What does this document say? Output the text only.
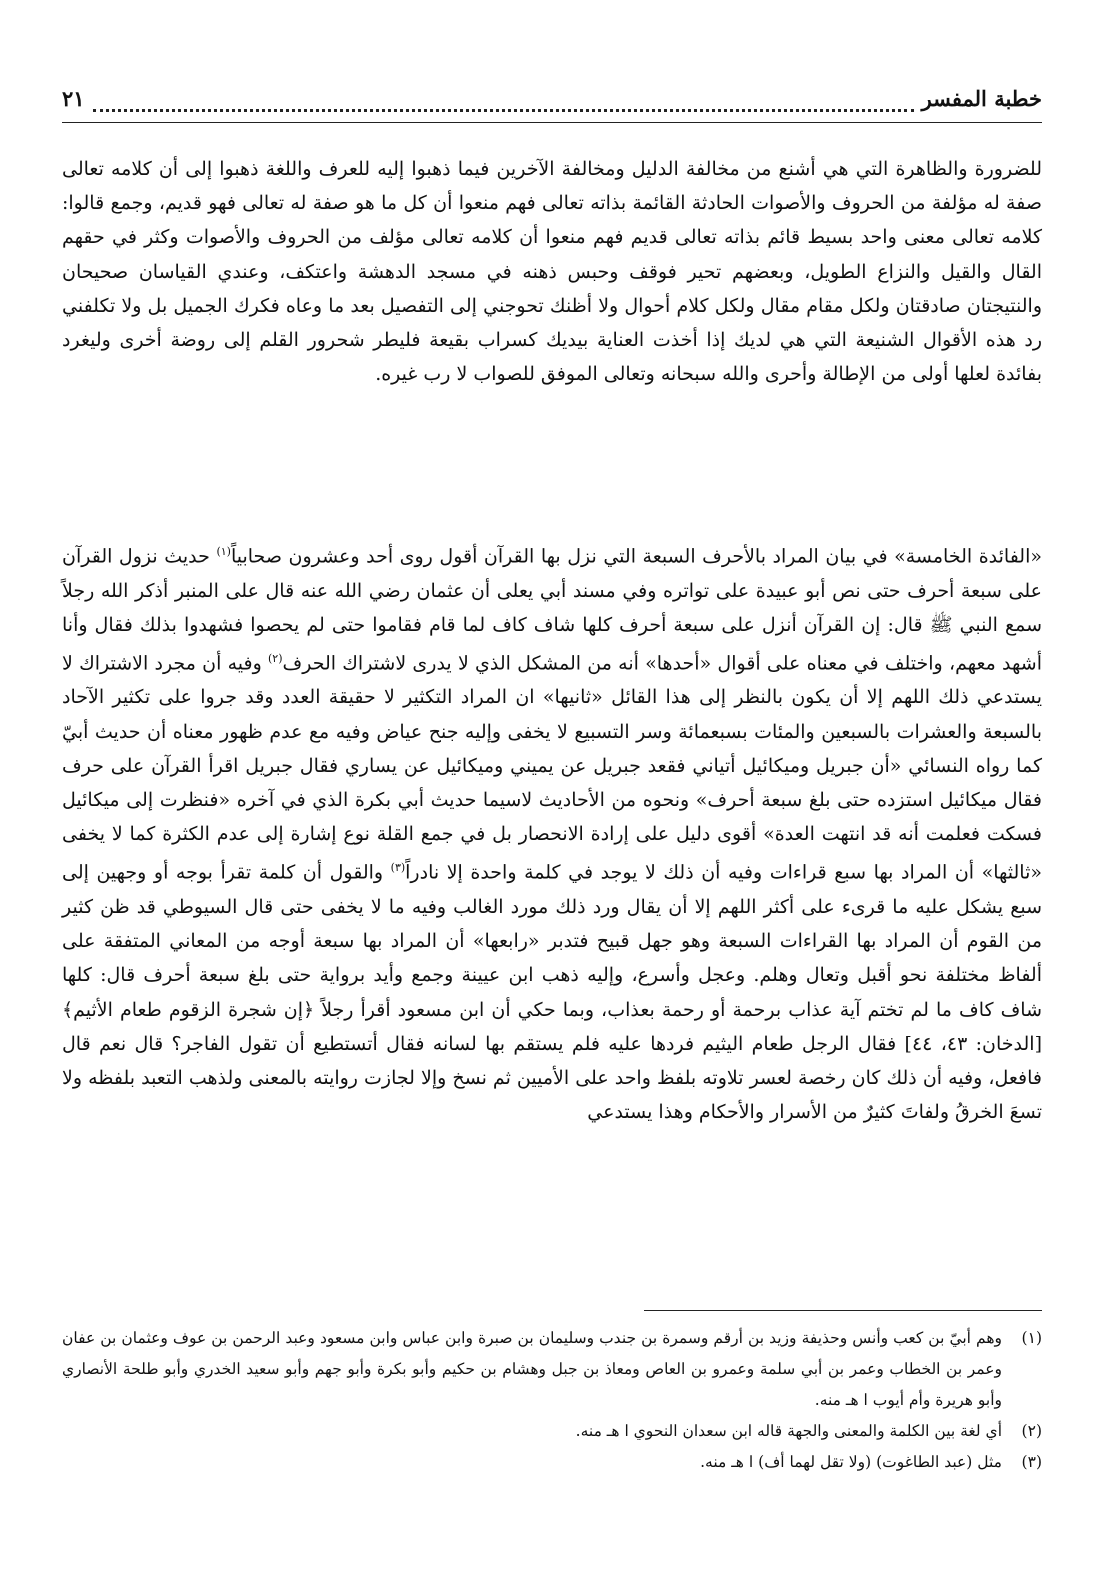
خطبة المفسر
٢١

للضرورة والظاهرة التي هي أشنع من مخالفة الدليل ومخالفة الآخرين فيما ذهبوا إليه للعرف واللغة ذهبوا إلى أن كلامه تعالى صفة له مؤلفة من الحروف والأصوات الحادثة القائمة بذاته تعالى فهم منعوا أن كل ما هو صفة له تعالى فهو قديم، وجمع قالوا: كلامه تعالى معنى واحد بسيط قائم بذاته تعالى قديم فهم منعوا أن كلامه تعالى مؤلف من الحروف والأصوات وكثر في حقهم القال والقيل والنزاع الطويل، وبعضهم تحير فوقف وحبس ذهنه في مسجد الدهشة واعتكف، وعندي القياسان صحيحان والنتيجتان صادقتان ولكل مقام مقال ولكل كلام أحوال ولا أظنك تحوجني إلى التفصيل بعد ما وعاه فكرك الجميل بل ولا تكلفني رد هذه الأقوال الشنيعة التي هي لديك إذا أخذت العناية بيديك كسراب بقيعة فليطر شحرور القلم إلى روضة أخرى وليغرد بفائدة لعلها أولى من الإطالة وأحرى والله سبحانه وتعالى الموفق للصواب لا رب غيره.

«الفائدة الخامسة» في بيان المراد بالأحرف السبعة التي نزل بها القرآن أقول روى أحد وعشرون صحابياً$^{(١)}$ حديث نزول القرآن على سبعة أحرف حتى نص أبو عبيدة على تواتره وفي مسند أبي يعلى أن عثمان رضي الله عنه قال على المنبر أذكر الله رجلاً سمع النبي ﷺ قال: إن القرآن أنزل على سبعة أحرف كلها شاف كاف لما قام فقاموا حتى لم يحصوا فشهدوا بذلك فقال وأنا أشهد معهم، واختلف في معناه على أقوال «أحدها» أنه من المشكل الذي لا يدرى لاشتراك الحرف$^{(٢)}$ وفيه أن مجرد الاشتراك لا يستدعي ذلك اللهم إلا أن يكون بالنظر إلى هذا القائل «ثانيها» ان المراد التكثير لا حقيقة العدد وقد جروا على تكثير الآحاد بالسبعة والعشرات بالسبعين والمئات بسبعمائة وسر التسبيع لا يخفى وإليه جنح عياض وفيه مع عدم ظهور معناه أن حديث أبيّ كما رواه النسائي «أن جبريل وميكائيل أتياني فقعد جبريل عن يميني وميكائيل عن يساري فقال جبريل اقرأ القرآن على حرف فقال ميكائيل استزده حتى بلغ سبعة أحرف» ونحوه من الأحاديث لاسيما حديث أبي بكرة الذي في آخره «فنظرت إلى ميكائيل فسكت فعلمت أنه قد انتهت العدة» أقوى دليل على إرادة الانحصار بل في جمع القلة نوع إشارة إلى عدم الكثرة كما لا يخفى «ثالثها» أن المراد بها سبع قراءات وفيه أن ذلك لا يوجد في كلمة واحدة إلا نادراً$^{(٣)}$ والقول أن كلمة تقرأ بوجه أو وجهين إلى سبع يشكل عليه ما قرىء على أكثر اللهم إلا أن يقال ورد ذلك مورد الغالب وفيه ما لا يخفى حتى قال السيوطي قد ظن كثير من القوم أن المراد بها القراءات السبعة وهو جهل قبيح فتدبر «رابعها» أن المراد بها سبعة أوجه من المعاني المتفقة على ألفاظ مختلفة نحو أقبل وتعال وهلم. وعجل وأسرع، وإليه ذهب ابن عيينة وجمع وأيد برواية حتى بلغ سبعة أحرف قال: كلها شاف كاف ما لم تختم آية عذاب برحمة أو رحمة بعذاب، وبما حكي أن ابن مسعود أقرأ رجلاً ﴿إن شجرة الزقوم طعام الأثيم﴾ [الدخان: ٤٣، ٤٤] فقال الرجل طعام اليثيم فردها عليه فلم يستقم بها لسانه فقال أتستطيع أن تقول الفاجر؟ قال نعم قال فافعل، وفيه أن ذلك كان رخصة لعسر تلاوته بلفظ واحد على الأميين ثم نسخ وإلا لجازت روايته بالمعنى ولذهب التعبد بلفظه ولا تسعَ الخرقُ ولفاتَ كثيرٌ من الأسرار والأحكام وهذا يستدعي

(١)
وهم أبيّ بن كعب وأنس وحذيفة وزيد بن أرقم وسمرة بن جندب وسليمان بن صبرة وابن عباس وابن مسعود وعبد الرحمن بن عوف وعثمان بن عفان وعمر بن الخطاب وعمر بن أبي سلمة وعمرو بن العاص ومعاذ بن جبل وهشام بن حكيم وأبو بكرة وأبو جهم وأبو سعيد الخدري وأبو طلحة الأنصاري وأبو هريرة وأم أيوب ا هـ منه.
(٢)
أي لغة بين الكلمة والمعنى والجهة قاله ابن سعدان النحوي ا هـ منه.
(٣)
مثل (عبد الطاغوت) (ولا تقل لهما أف) ا هـ منه.
